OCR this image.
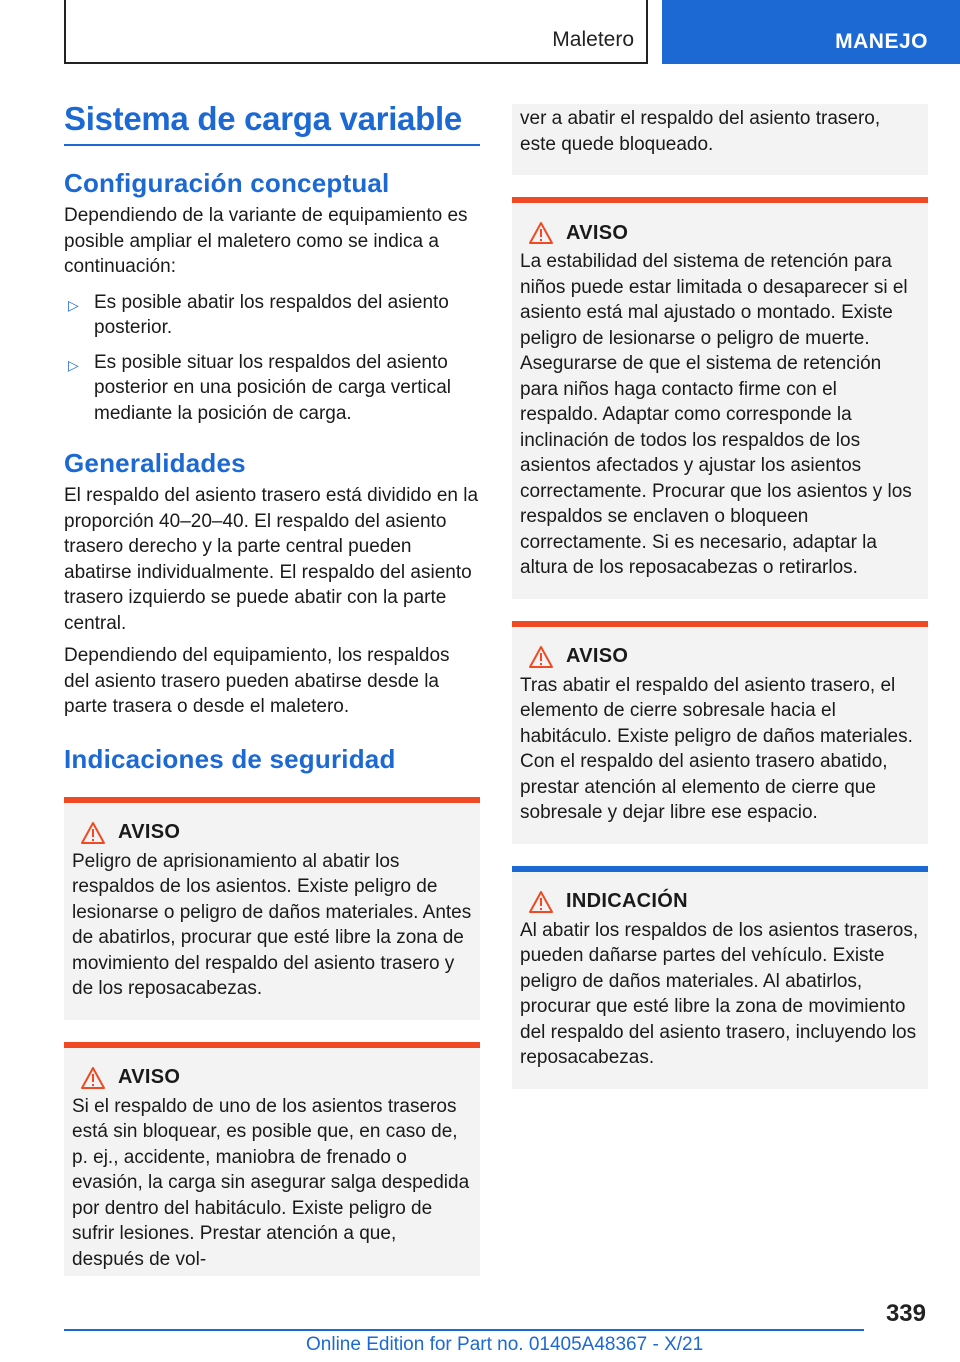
Maletero	MANEJO
Sistema de carga variable
Configuración conceptual

Dependiendo de la variante de equipamiento es posible ampliar el maletero como se indica a continuación:

▷ Es posible abatir los respaldos del asiento posterior.
▷ Es posible situar los respaldos del asiento posterior en una posición de carga vertical mediante la posición de carga.
Generalidades

El respaldo del asiento trasero está dividido en la proporción 40–20–40. El respaldo del asiento trasero derecho y la parte central pueden abatirse individualmente. El respaldo del asiento trasero izquierdo se puede abatir con la parte central.

Dependiendo del equipamiento, los respaldos del asiento trasero pueden abatirse desde la parte trasera o desde el maletero.

Indicaciones de seguridad
AVISO

Peligro de aprisionamiento al abatir los respaldos de los asientos. Existe peligro de lesionarse o peligro de daños materiales. Antes de abatirlos, procurar que esté libre la zona de movimiento del respaldo del asiento trasero y de los reposacabezas.

AVISO

Si el respaldo de uno de los asientos traseros está sin bloquear, es posible que, en caso de, p. ej., accidente, maniobra de frenado o evasión, la carga sin asegurar salga despedida por dentro del habitáculo. Existe peligro de sufrir lesiones. Prestar atención a que, después de vol-

ver a abatir el respaldo del asiento trasero, este quede bloqueado.

AVISO

La estabilidad del sistema de retención para niños puede estar limitada o desaparecer si el asiento está mal ajustado o montado. Existe peligro de lesionarse o peligro de muerte. Asegurarse de que el sistema de retención para niños haga contacto firme con el respaldo. Adaptar como corresponde la inclinación de todos los respaldos de los asientos afectados y ajustar los asientos correctamente. Procurar que los asientos y los respaldos se enclaven o bloqueen correctamente. Si es necesario, adaptar la altura de los reposacabezas o retirarlos.

AVISO

Tras abatir el respaldo del asiento trasero, el elemento de cierre sobresale hacia el habitáculo. Existe peligro de daños materiales. Con el respaldo del asiento trasero abatido, prestar atención al elemento de cierre que sobresale y dejar libre ese espacio.

INDICACIÓN

Al abatir los respaldos de los asientos traseros, pueden dañarse partes del vehículo. Existe peligro de daños materiales. Al abatirlos, procurar que esté libre la zona de movimiento del respaldo del asiento trasero, incluyendo los reposacabezas.

339
Online Edition for Part no. 01405A48367 - X/21
